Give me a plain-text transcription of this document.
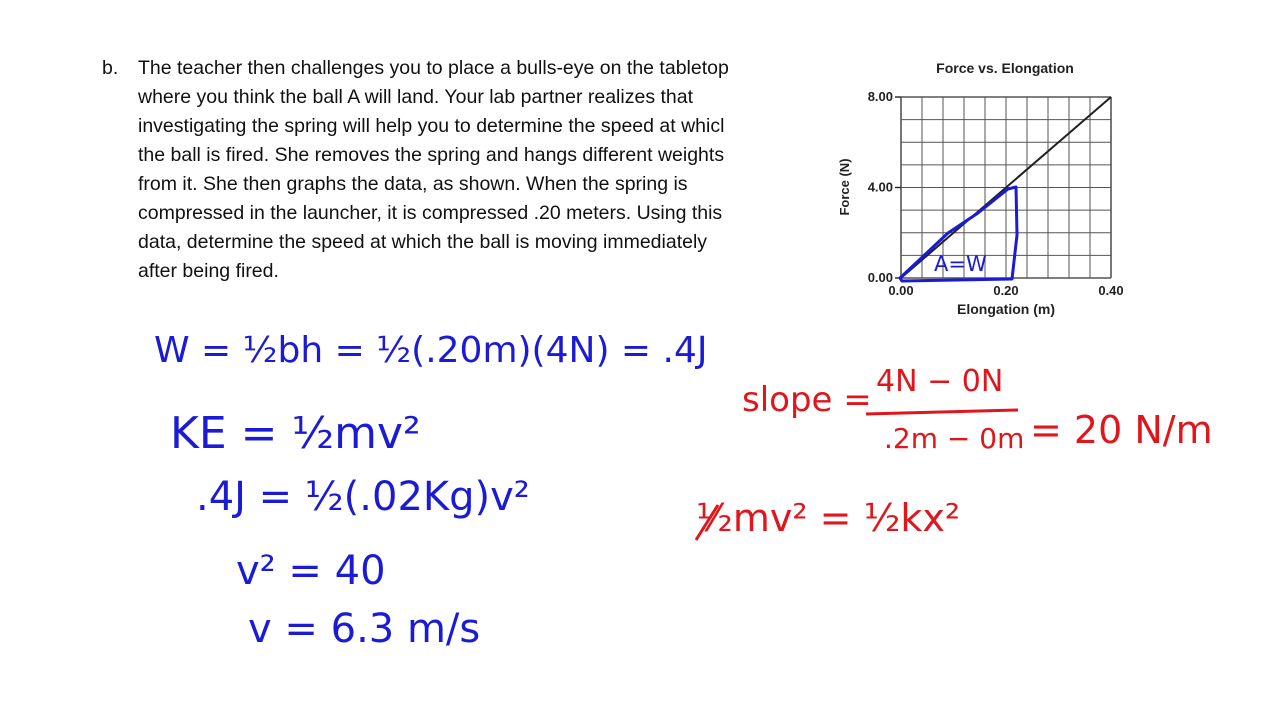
b. The teacher then challenges you to place a bulls-eye on the tabletop
where you think the ball A will land. Your lab partner realizes that
investigating the spring will help you to determine the speed at whicl
the ball is fired. She removes the spring and hangs different weights
from it. She then graphs the data, as shown. When the spring is
compressed in the launcher, it is compressed .20 meters. Using this
data, determine the speed at which the ball is moving immediately
after being fired.
Force vs. Elongation
0.00
4.00
8.00
0.00	0.20	0.40
A=W
Force (N)
Elongation (m)
W = ½bh = ½(.20m)(4N) = .4J
KE = ½mv²
.4J = ½(.02Kg)v²
v² = 40
v = 6.3 m/s
slope = 4N − 0N
.2m − 0m = 20 N/m
½mv² = ½kx²
